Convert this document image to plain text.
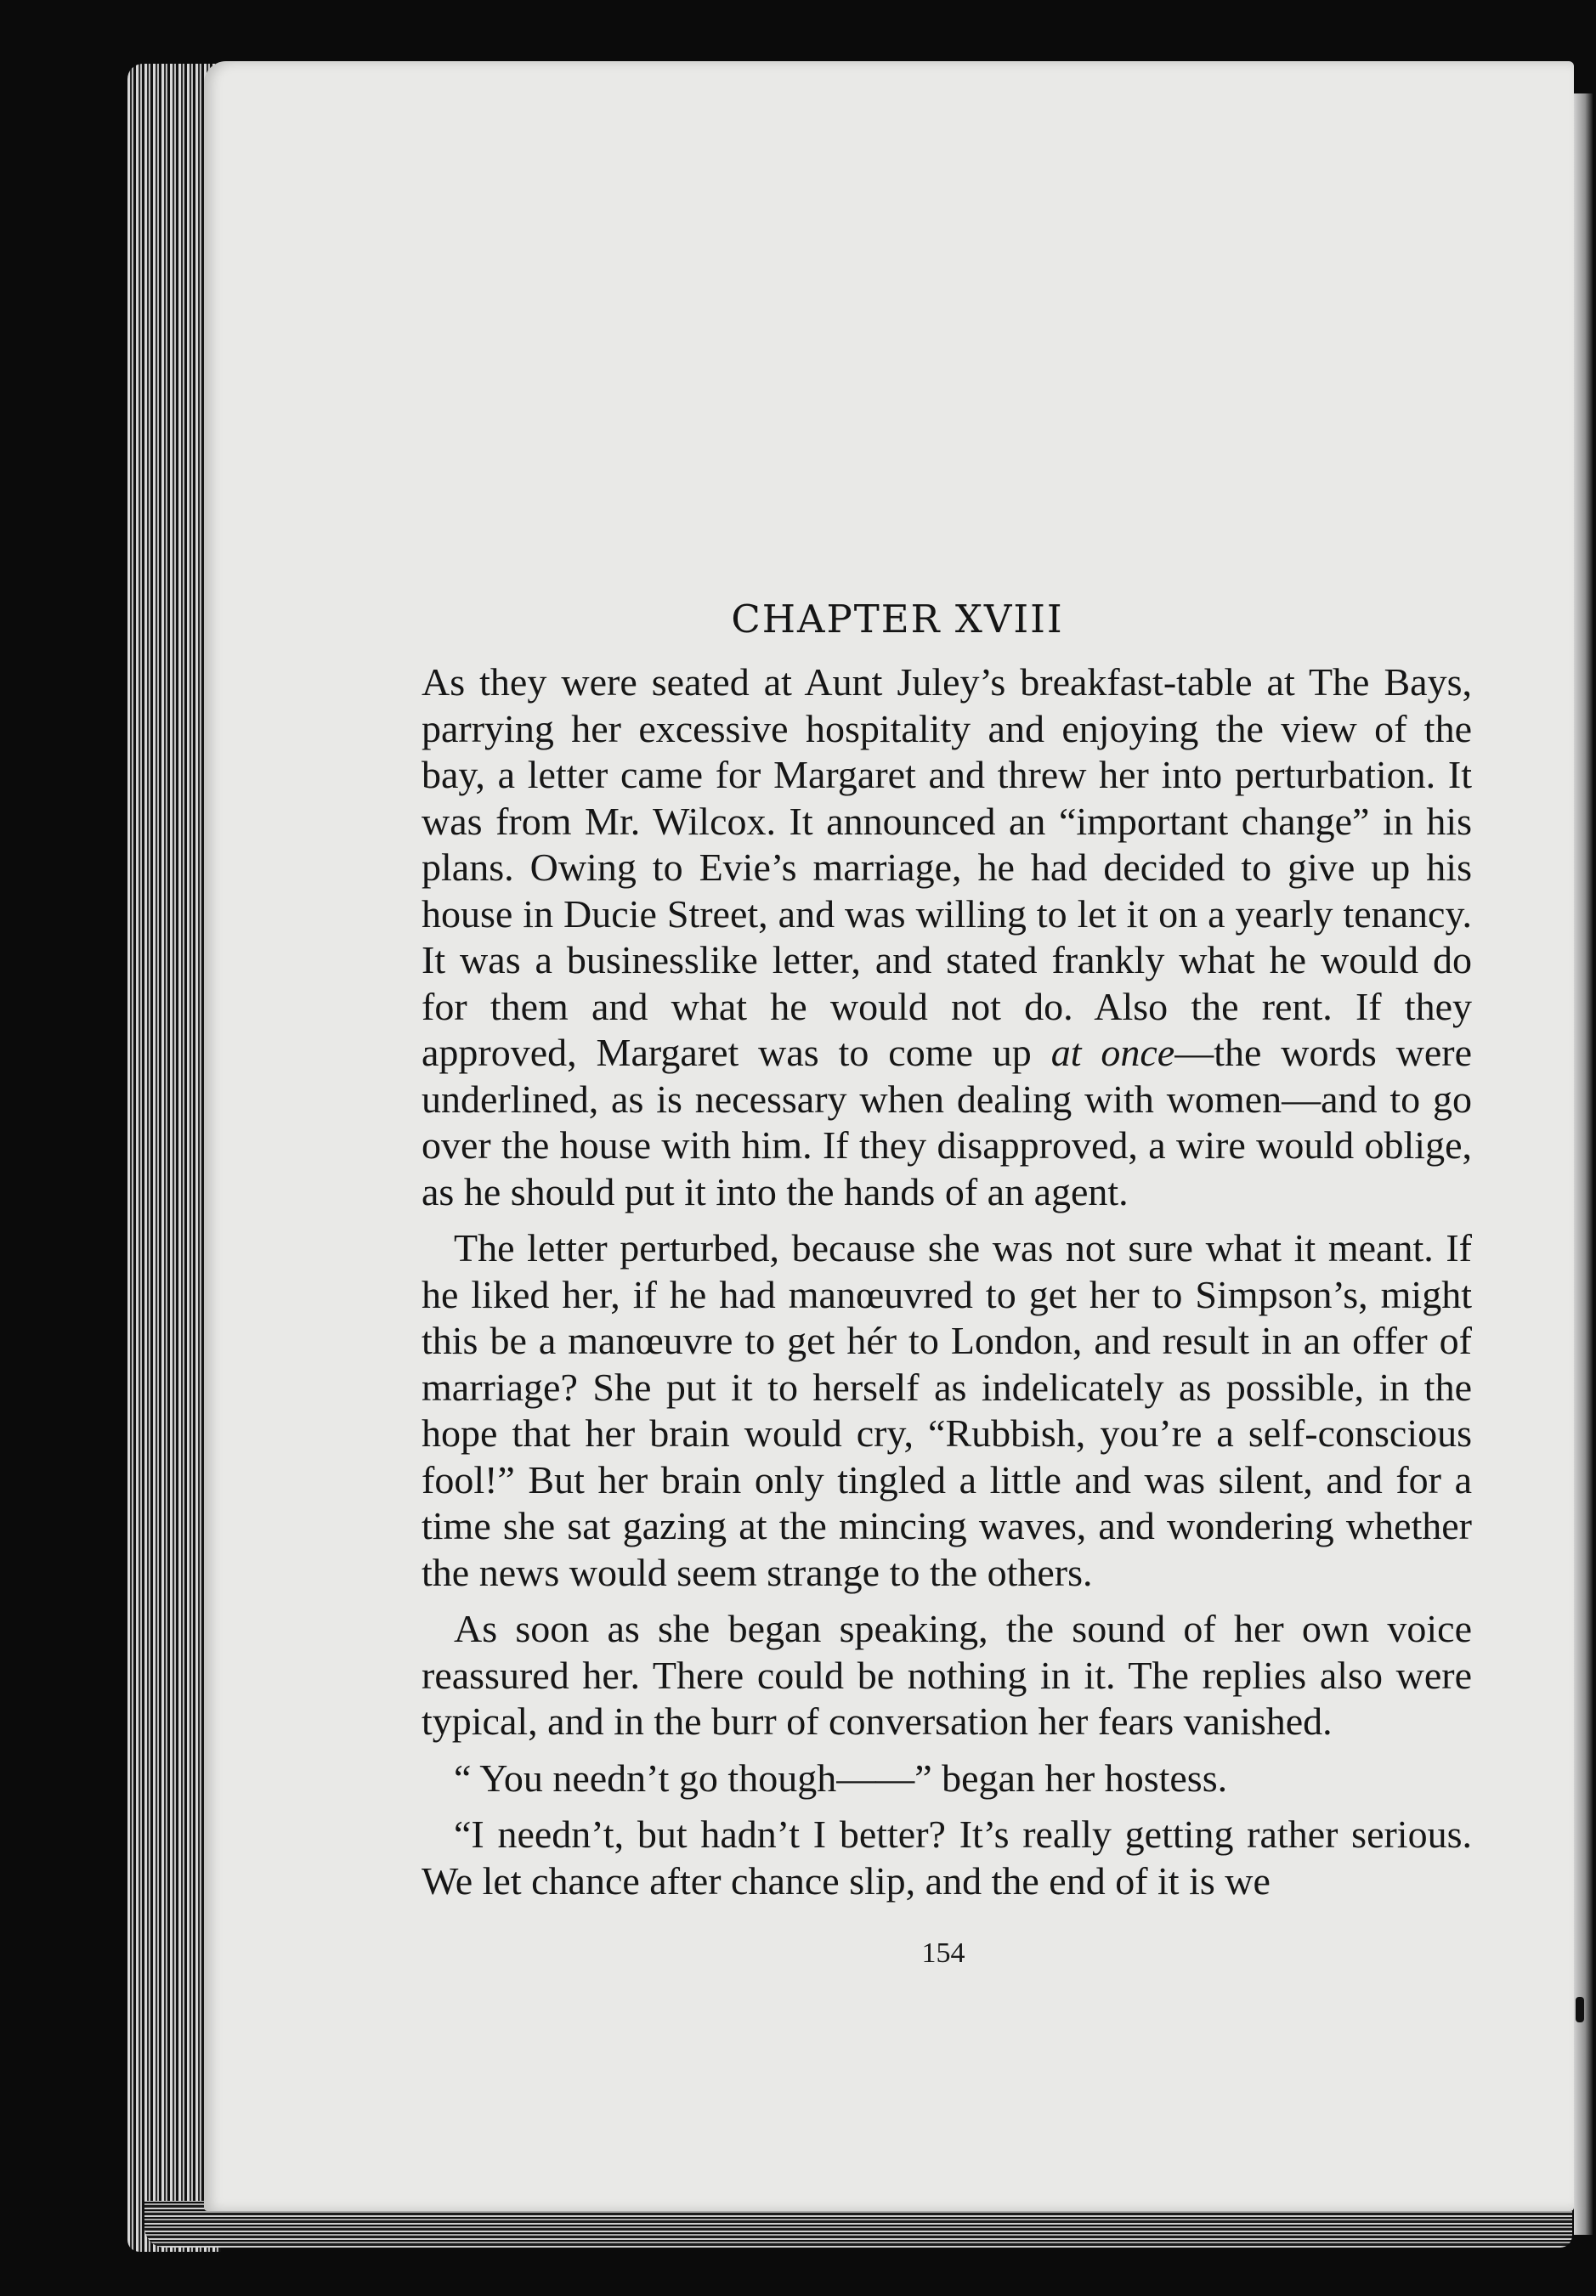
CHAPTER XVIII

As they were seated at Aunt Juley’s breakfast-table at The Bays, parrying her excessive hospitality and enjoying the view of the bay, a letter came for Margaret and threw her into perturbation. It was from Mr. Wilcox. It announced an “important change” in his plans. Owing to Evie’s marriage, he had decided to give up his house in Ducie Street, and was willing to let it on a yearly tenancy. It was a businesslike letter, and stated frankly what he would do for them and what he would not do. Also the rent. If they approved, Margaret was to come up at once—the words were underlined, as is necessary when dealing with women—and to go over the house with him. If they disapproved, a wire would oblige, as he should put it into the hands of an agent.

The letter perturbed, because she was not sure what it meant. If he liked her, if he had manœuvred to get her to Simpson’s, might this be a manœuvre to get hér to London, and result in an offer of marriage? She put it to herself as indelicately as possible, in the hope that her brain would cry, “Rubbish, you’re a self-conscious fool!” But her brain only tingled a little and was silent, and for a time she sat gazing at the mincing waves, and wondering whether the news would seem strange to the others.

As soon as she began speaking, the sound of her own voice reassured her. There could be nothing in it. The replies also were typical, and in the burr of conversation her fears vanished.

“ You needn’t go though——” began her hostess.

“I needn’t, but hadn’t I better? It’s really getting rather serious. We let chance after chance slip, and the end of it is we

154
